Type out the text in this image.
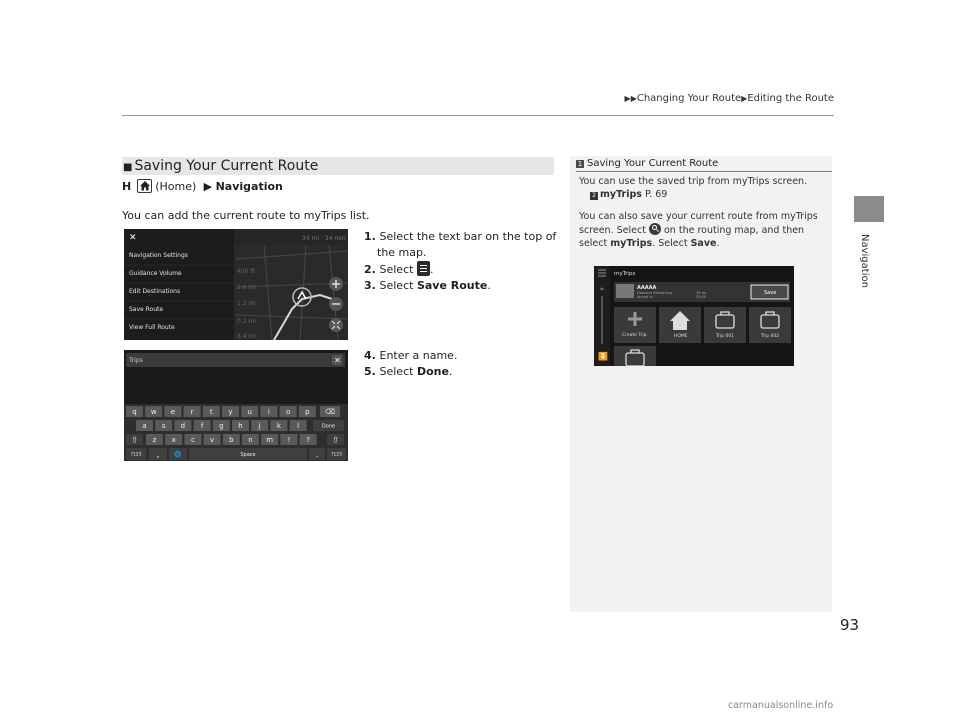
▶▶Changing Your Route▶Editing the Route
Navigation
■ Saving Your Current Route
H (Home)  ▶ Navigation
You can add the current route to myTrips list.
1. Select the text bar on the top of
the map.
2. Select .
3. Select Save Route.
4. Enter a name.
5. Select Done.
34 mi · 34 min
✕
Navigation Settings
Guidance Volume
Edit Destinations
Save Route
View Full Route
400 ft
2.6 mi
1.2 mi
0.2 mi
3.4 mi
Trips	✕
q w e r t y u i o p ⌫
a s d f g h j k l	Done
⇧ z x c v b n m ! ?	⇧
?123 , 🌐	Space	.	?123
1 Saving Your Current Route

You can use the saved trip from myTrips screen.

2 myTrips P. 69

You can also save your current route from myTrips

screen. Select on the routing map, and then

select myTrips. Select Save.

⏶
⏬
myTrips
AAAAA
Distance Remaining
Arrival In
35 mi
33:00
Save
Create Trip	HOME	Trip 001	Trip 002
93
carmanualsonline.info
